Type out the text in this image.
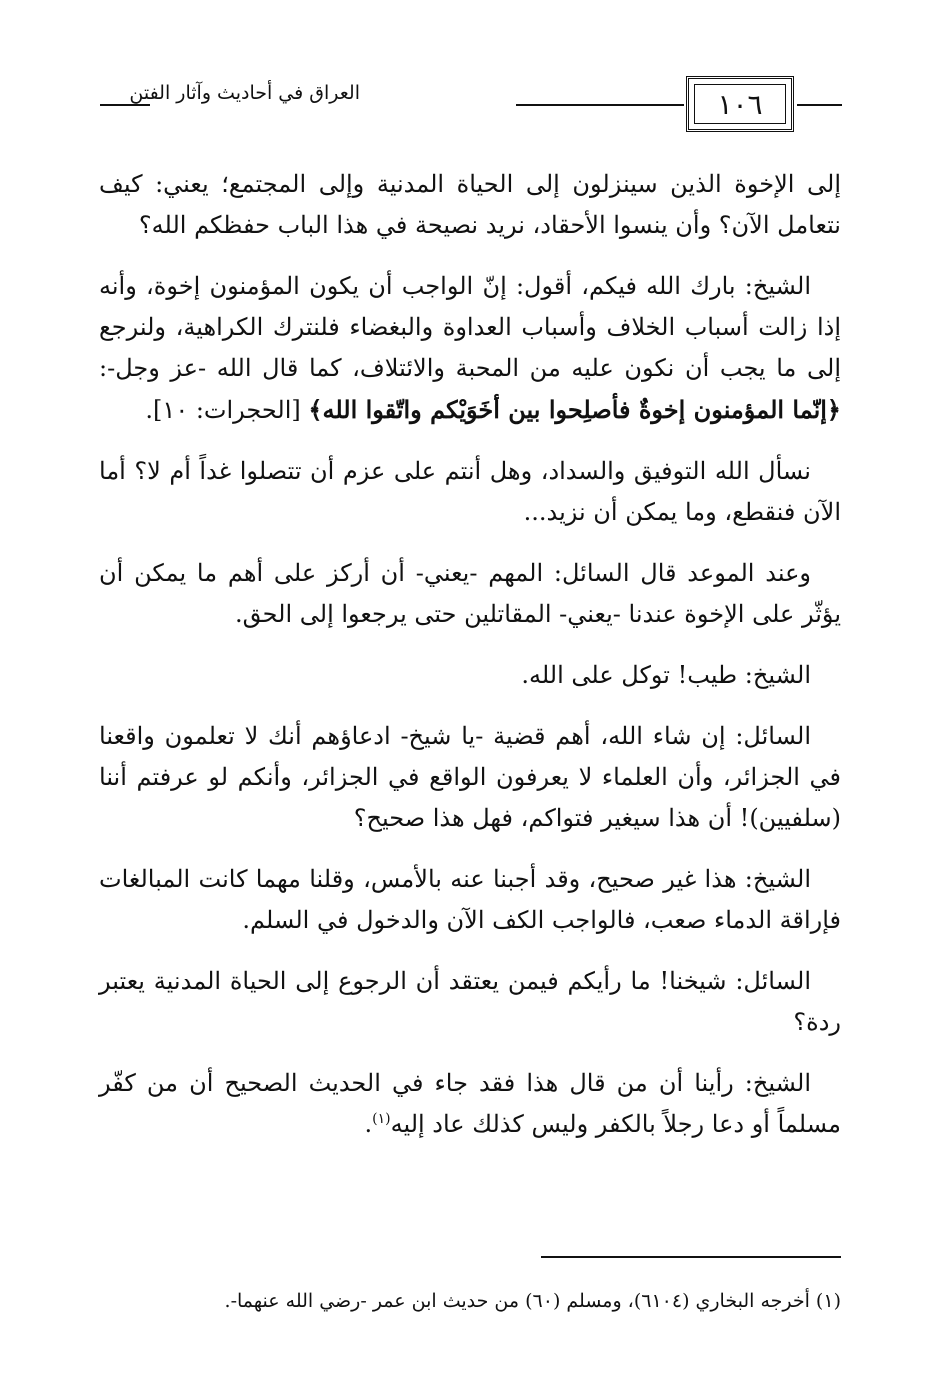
١٠٦
العراق في أحاديث وآثار الفتن

إلى الإخوة الذين سينزلون إلى الحياة المدنية وإلى المجتمع؛ يعني: كيف نتعامل الآن؟ وأن ينسوا الأحقاد، نريد نصيحة في هذا الباب حفظكم الله؟

الشيخ: بارك الله فيكم، أقول: إنّ الواجب أن يكون المؤمنون إخوة، وأنه إذا زالت أسباب الخلاف وأسباب العداوة والبغضاء فلنترك الكراهية، ولنرجع إلى ما يجب أن نكون عليه من المحبة والائتلاف، كما قال الله -عز وجل-: ﴿إنّما المؤمنون إخوةٌ فأصلِحوا بين أخَوَيْكم واتّقوا الله﴾ [الحجرات: ١٠].

نسأل الله التوفيق والسداد، وهل أنتم على عزم أن تتصلوا غداً أم لا؟ أما الآن فنقطع، وما يمكن أن نزيد...

وعند الموعد قال السائل: المهم -يعني- أن أركز على أهم ما يمكن أن يؤثّر على الإخوة عندنا -يعني- المقاتلين حتى يرجعوا إلى الحق.

الشيخ: طيب! توكل على الله.

السائل: إن شاء الله، أهم قضية -يا شيخ- ادعاؤهم أنك لا تعلمون واقعنا في الجزائر، وأن العلماء لا يعرفون الواقع في الجزائر، وأنكم لو عرفتم أننا (سلفيين)! أن هذا سيغير فتواكم، فهل هذا صحيح؟

الشيخ: هذا غير صحيح، وقد أجبنا عنه بالأمس، وقلنا مهما كانت المبالغات فإراقة الدماء صعب، فالواجب الكف الآن والدخول في السلم.

السائل: شيخنا! ما رأيكم فيمن يعتقد أن الرجوع إلى الحياة المدنية يعتبر ردة؟

الشيخ: رأينا أن من قال هذا فقد جاء في الحديث الصحيح أن من كفّر مسلماً أو دعا رجلاً بالكفر وليس كذلك عاد إليه$^{(١)}$.

(١) أخرجه البخاري (٦١٠٤)، ومسلم (٦٠) من حديث ابن عمر -رضي الله عنهما-.
